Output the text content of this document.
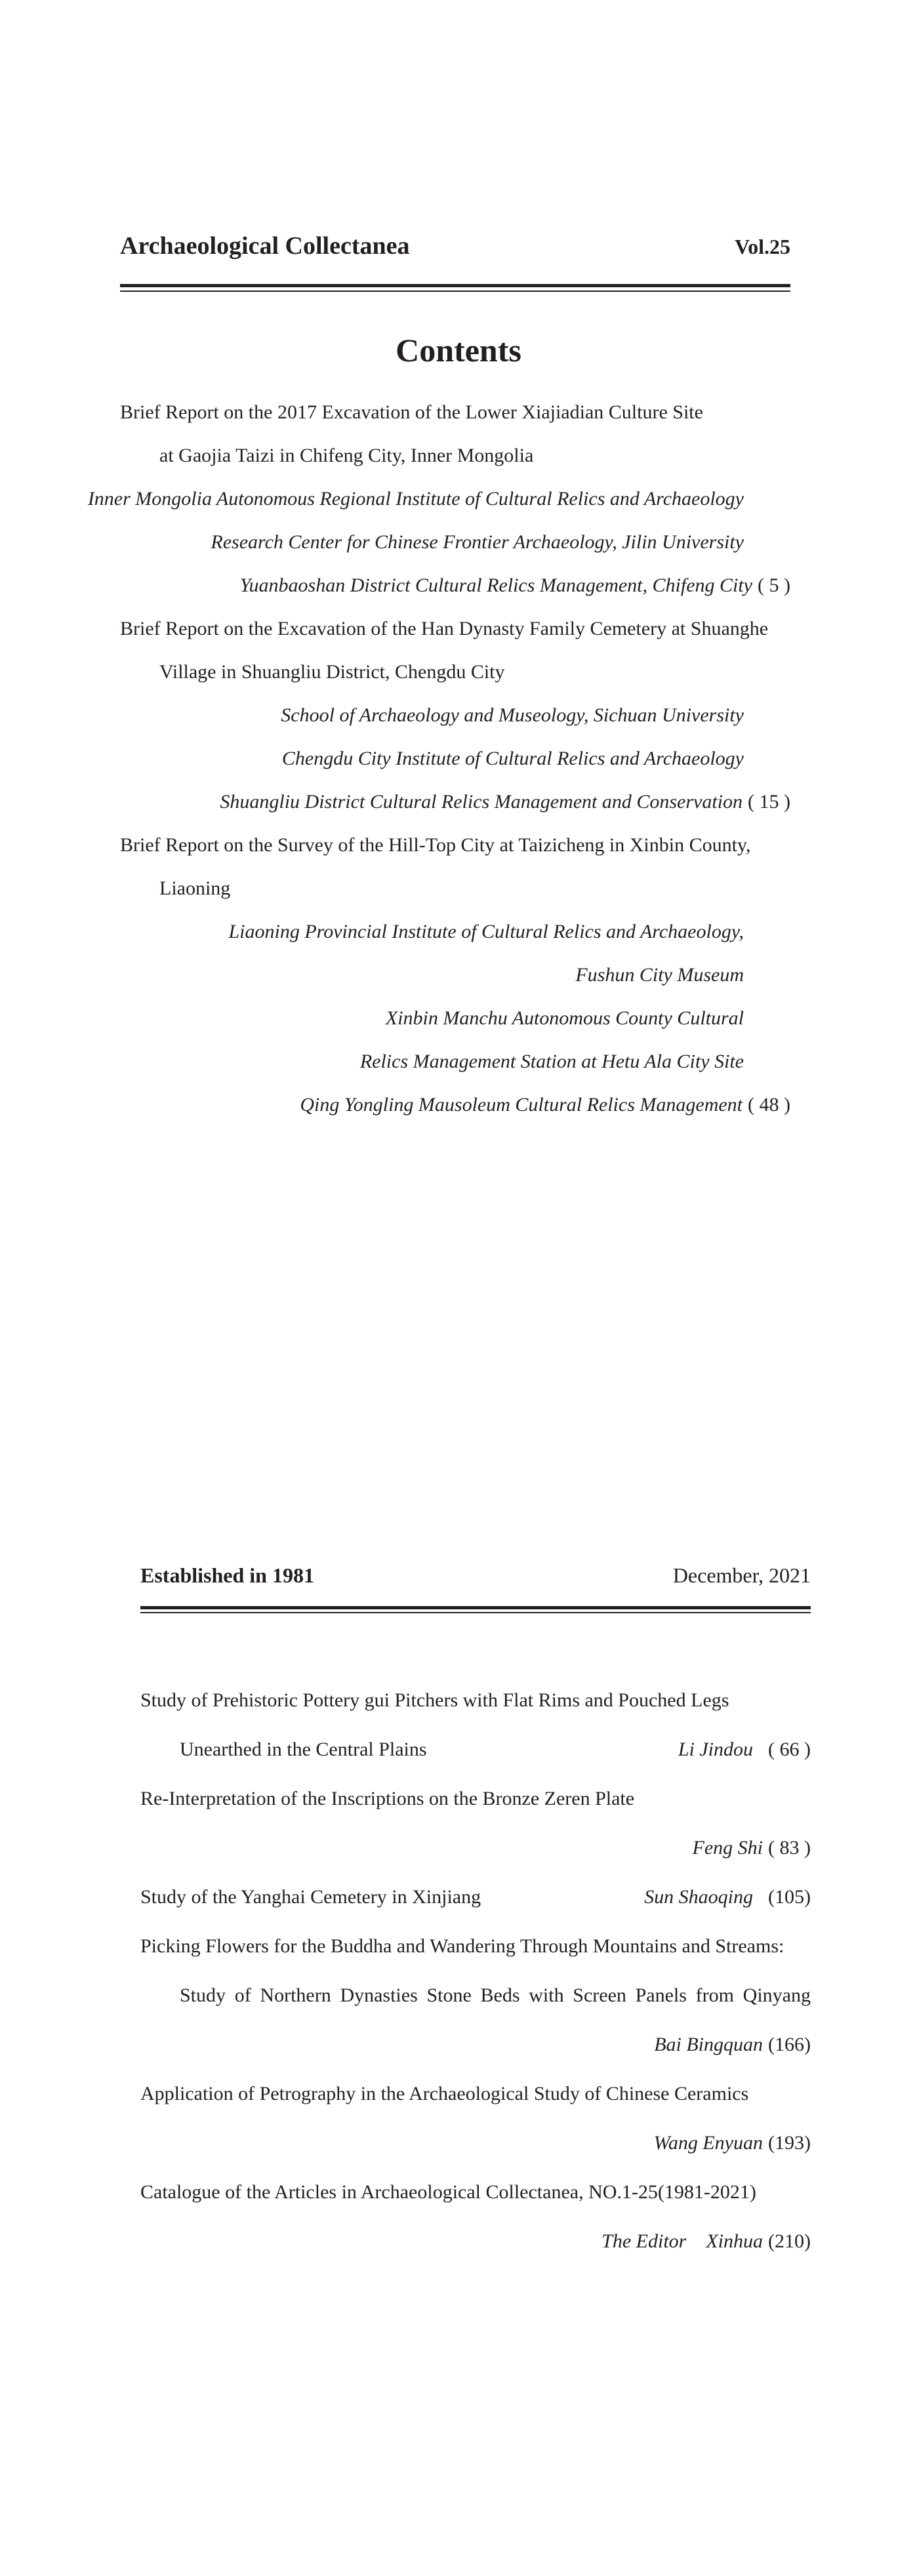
Archaeological Collectanea	Vol.25
Contents
Brief Report on the 2017 Excavation of the Lower Xiajiadian Culture Site
at Gaojia Taizi in Chifeng City, Inner Mongolia
Inner Mongolia Autonomous Regional Institute of Cultural Relics and Archaeology
Research Center for Chinese Frontier Archaeology, Jilin University
Yuanbaoshan District Cultural Relics Management, Chifeng City ( 5 )
Brief Report on the Excavation of the Han Dynasty Family Cemetery at Shuanghe
Village in Shuangliu District, Chengdu City
School of Archaeology and Museology, Sichuan University
Chengdu City Institute of Cultural Relics and Archaeology
Shuangliu District Cultural Relics Management and Conservation ( 15 )
Brief Report on the Survey of the Hill-Top City at Taizicheng in Xinbin County,
Liaoning
Liaoning Provincial Institute of Cultural Relics and Archaeology,
Fushun City Museum
Xinbin Manchu Autonomous County Cultural
Relics Management Station at Hetu Ala City Site
Qing Yongling Mausoleum Cultural Relics Management ( 48 )
Established in 1981	December, 2021
Study of Prehistoric Pottery gui Pitchers with Flat Rims and Pouched Legs
Unearthed in the Central Plains	Li Jindou ( 66 )
Re-Interpretation of the Inscriptions on the Bronze Zeren Plate
Feng Shi ( 83 )
Study of the Yanghai Cemetery in Xinjiang	Sun Shaoqing (105)
Picking Flowers for the Buddha and Wandering Through Mountains and Streams:
Study of Northern Dynasties Stone Beds with Screen Panels from Qinyang
Bai Bingquan (166)
Application of Petrography in the Archaeological Study of Chinese Ceramics
Wang Enyuan (193)
Catalogue of the Articles in Archaeological Collectanea, NO.1-25(1981-2021)
The Editor    Xinhua (210)
